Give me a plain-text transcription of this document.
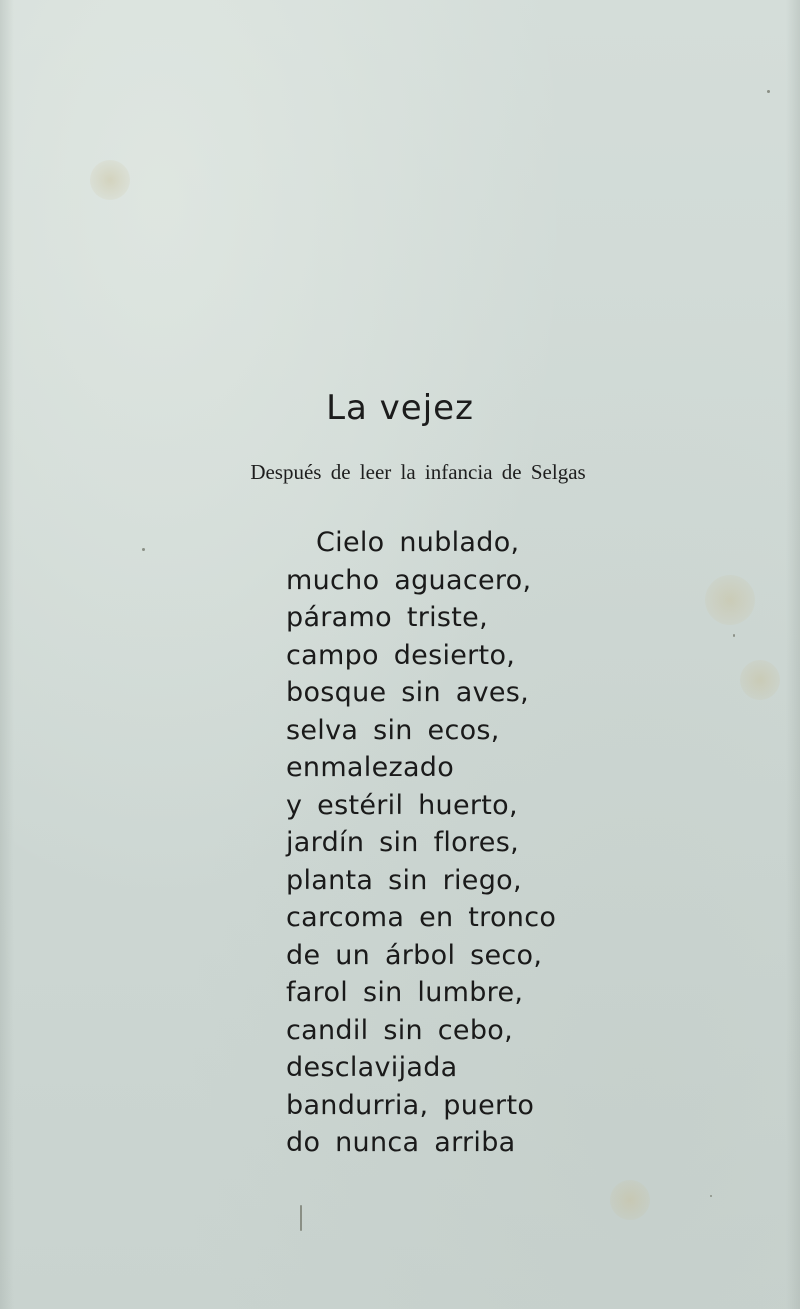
La vejez
Después de leer la infancia de Selgas
Cielo nublado,
mucho aguacero,
páramo triste,
campo desierto,
bosque sin aves,
selva sin ecos,
enmalezado
y estéril huerto,
jardín sin flores,
planta sin riego,
carcoma en tronco
de un árbol seco,
farol sin lumbre,
candil sin cebo,
desclavijada
bandurria, puerto
do nunca arriba
